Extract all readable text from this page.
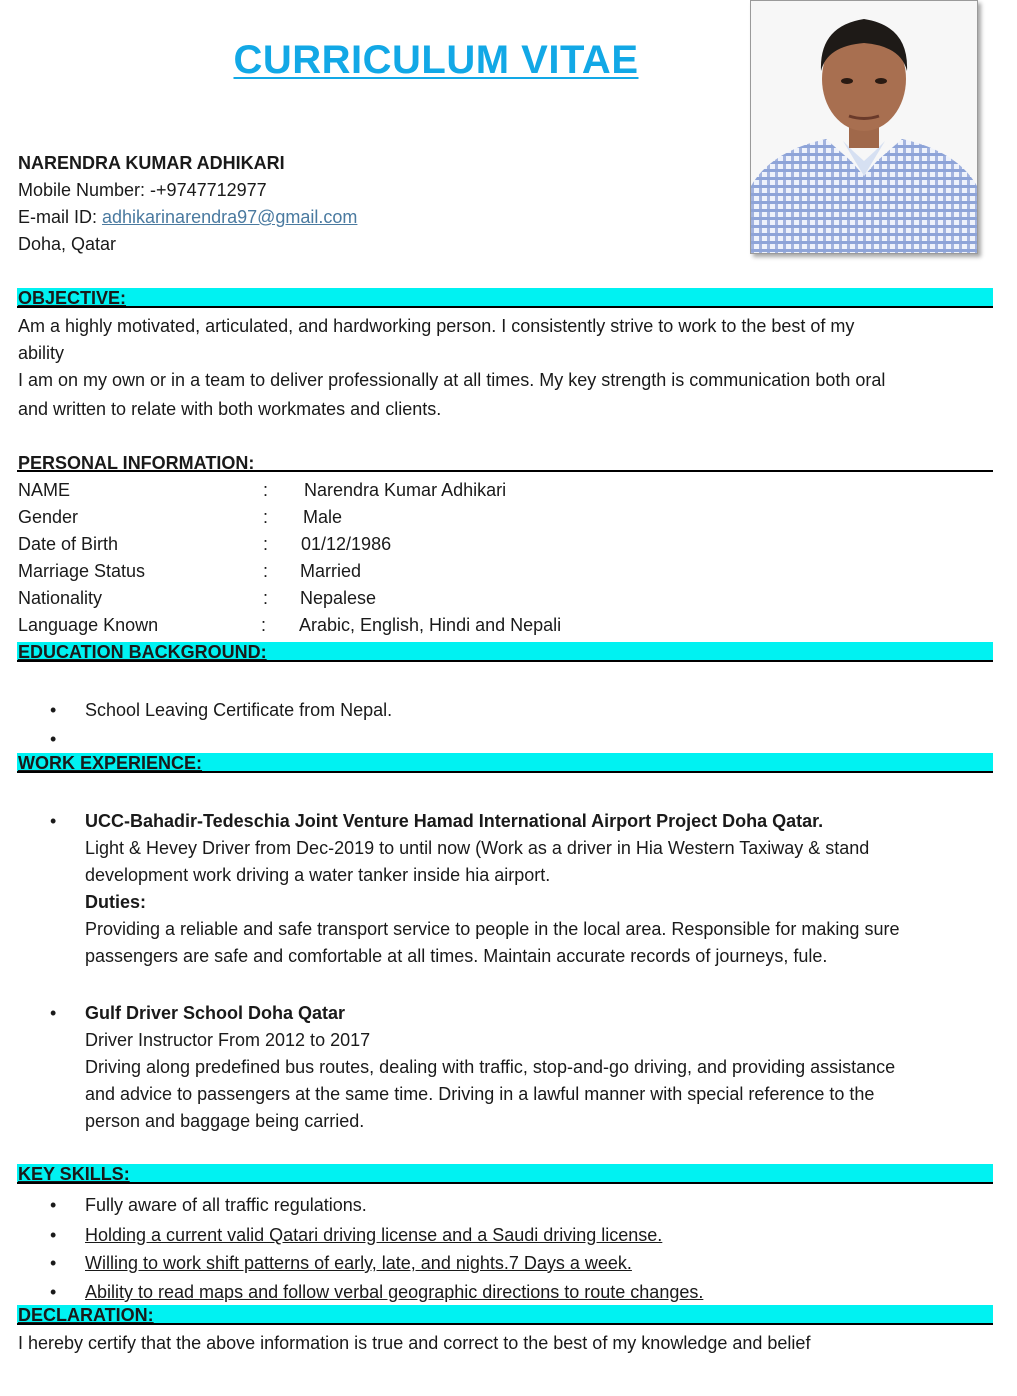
CURRICULUM VITAE
NARENDRA KUMAR ADHIKARI
Mobile Number: -+9747712977
E-mail ID: adhikarinarendra97@gmail.com
Doha, Qatar
OBJECTIVE:
Am a highly motivated, articulated, and hardworking person. I consistently strive to work to the best of my
ability
I am on my own or in a team to deliver professionally at all times. My key strength is communication both oral
and written to relate with both workmates and clients.
PERSONAL INFORMATION:
NAME	: Narendra Kumar Adhikari
Gender	: Male
Date of Birth	: 01/12/1986
Marriage Status	: Married
Nationality	: Nepalese
Language Known	: Arabic, English, Hindi and Nepali
EDUCATION BACKGROUND:
• School Leaving Certificate from Nepal.
•
WORK EXPERIENCE:
• UCC-Bahadir-Tedeschia Joint Venture Hamad International Airport Project Doha Qatar.
Light & Hevey Driver from Dec-2019 to until now (Work as a driver in Hia Western Taxiway & stand
development work driving a water tanker inside hia airport.
Duties:
Providing a reliable and safe transport service to people in the local area. Responsible for making sure
passengers are safe and comfortable at all times. Maintain accurate records of journeys, fule.
• Gulf Driver School Doha Qatar
Driver Instructor From 2012 to 2017
Driving along predefined bus routes, dealing with traffic, stop-and-go driving, and providing assistance
and advice to passengers at the same time. Driving in a lawful manner with special reference to the
person and baggage being carried.
KEY SKILLS:
• Fully aware of all traffic regulations.
• Holding a current valid Qatari driving license and a Saudi driving license.
• Willing to work shift patterns of early, late, and nights.7 Days a week.
• Ability to read maps and follow verbal geographic directions to route changes.
DECLARATION:
I hereby certify that the above information is true and correct to the best of my knowledge and belief
